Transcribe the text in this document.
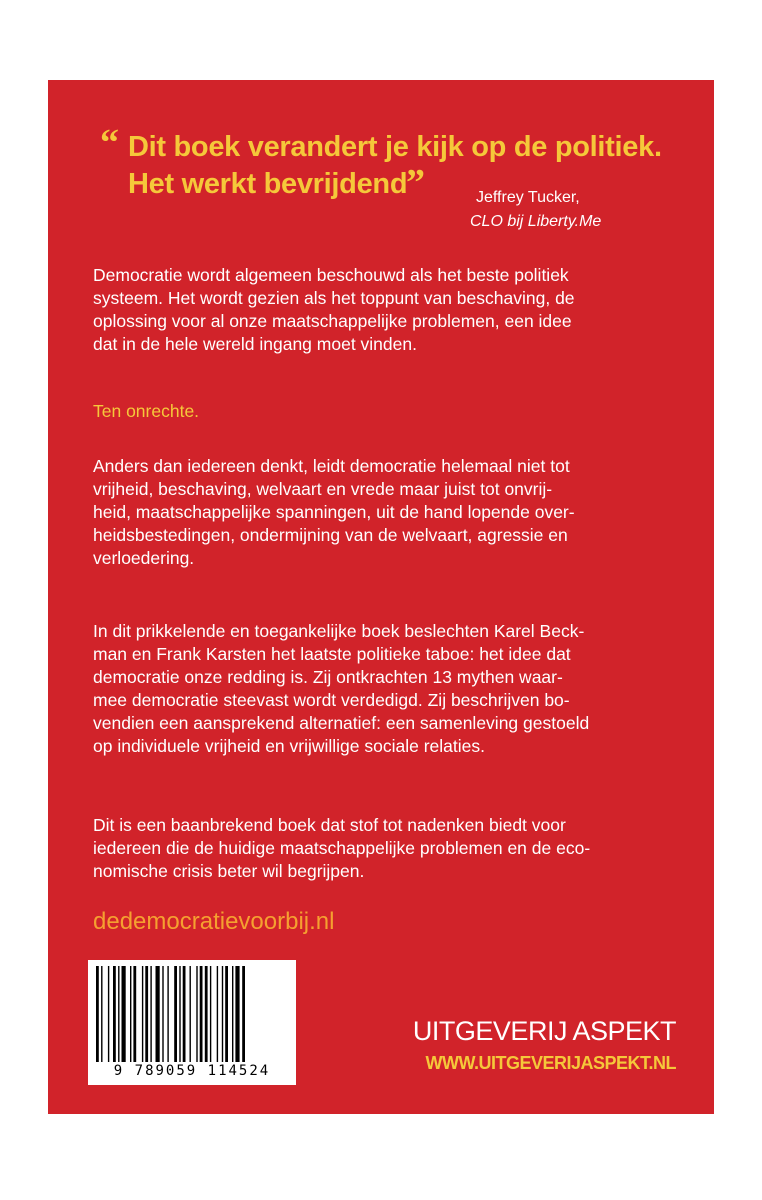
“ Dit boek verandert je kijk op de politiek.
Het werkt bevrijdend
”	Jeffrey Tucker,
CLO bij Liberty.Me

Democratie wordt algemeen beschouwd als het beste politiek
systeem. Het wordt gezien als het toppunt van beschaving, de
oplossing voor al onze maatschappelijke problemen, een idee
dat in de hele wereld ingang moet vinden.

Ten onrechte.

Anders dan iedereen denkt, leidt democratie helemaal niet tot
vrijheid, beschaving, welvaart en vrede maar juist tot onvrij-
heid, maatschappelijke spanningen, uit de hand lopende over-
heidsbestedingen, ondermijning van de welvaart, agressie en
verloedering.

In dit prikkelende en toegankelijke boek beslechten Karel Beck-
man en Frank Karsten het laatste politieke taboe: het idee dat
democratie onze redding is. Zij ontkrachten 13 mythen waar-
mee democratie steevast wordt verdedigd. Zij beschrijven bo-
vendien een aansprekend alternatief: een samenleving gestoeld
op individuele vrijheid en vrijwillige sociale relaties.

Dit is een baanbrekend boek dat stof tot nadenken biedt voor
iedereen die de huidige maatschappelijke problemen en de eco-
nomische crisis beter wil begrijpen.

dedemocratievoorbij.nl
9 789059 114524
UITGEVERIJ ASPEKT
WWW.UITGEVERIJASPEKT.NL
